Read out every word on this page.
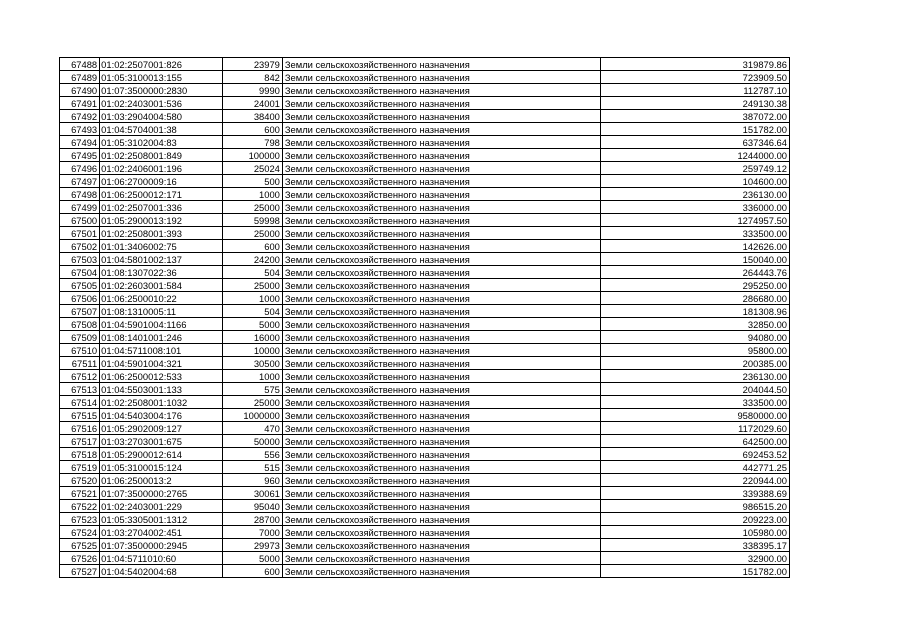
67488	01:02:2507001:826	23979	Земли сельскохозяйственного назначения	319879.86
67489	01:05:3100013:155	842	Земли сельскохозяйственного назначения	723909.50
67490	01:07:3500000:2830	9990	Земли сельскохозяйственного назначения	112787.10
67491	01:02:2403001:536	24001	Земли сельскохозяйственного назначения	249130.38
67492	01:03:2904004:580	38400	Земли сельскохозяйственного назначения	387072.00
67493	01:04:5704001:38	600	Земли сельскохозяйственного назначения	151782.00
67494	01:05:3102004:83	798	Земли сельскохозяйственного назначения	637346.64
67495	01:02:2508001:849	100000	Земли сельскохозяйственного назначения	1244000.00
67496	01:02:2406001:196	25024	Земли сельскохозяйственного назначения	259749.12
67497	01:06:2700009:16	500	Земли сельскохозяйственного назначения	104600.00
67498	01:06:2500012:171	1000	Земли сельскохозяйственного назначения	236130.00
67499	01:02:2507001:336	25000	Земли сельскохозяйственного назначения	336000.00
67500	01:05:2900013:192	59998	Земли сельскохозяйственного назначения	1274957.50
67501	01:02:2508001:393	25000	Земли сельскохозяйственного назначения	333500.00
67502	01:01:3406002:75	600	Земли сельскохозяйственного назначения	142626.00
67503	01:04:5801002:137	24200	Земли сельскохозяйственного назначения	150040.00
67504	01:08:1307022:36	504	Земли сельскохозяйственного назначения	264443.76
67505	01:02:2603001:584	25000	Земли сельскохозяйственного назначения	295250.00
67506	01:06:2500010:22	1000	Земли сельскохозяйственного назначения	286680.00
67507	01:08:1310005:11	504	Земли сельскохозяйственного назначения	181308.96
67508	01:04:5901004:1166	5000	Земли сельскохозяйственного назначения	32850.00
67509	01:08:1401001:246	16000	Земли сельскохозяйственного назначения	94080.00
67510	01:04:5711008:101	10000	Земли сельскохозяйственного назначения	95800.00
67511	01:04:5901004:321	30500	Земли сельскохозяйственного назначения	200385.00
67512	01:06:2500012:533	1000	Земли сельскохозяйственного назначения	236130.00
67513	01:04:5503001:133	575	Земли сельскохозяйственного назначения	204044.50
67514	01:02:2508001:1032	25000	Земли сельскохозяйственного назначения	333500.00
67515	01:04:5403004:176	1000000	Земли сельскохозяйственного назначения	9580000.00
67516	01:05:2902009:127	470	Земли сельскохозяйственного назначения	1172029.60
67517	01:03:2703001:675	50000	Земли сельскохозяйственного назначения	642500.00
67518	01:05:2900012:614	556	Земли сельскохозяйственного назначения	692453.52
67519	01:05:3100015:124	515	Земли сельскохозяйственного назначения	442771.25
67520	01:06:2500013:2	960	Земли сельскохозяйственного назначения	220944.00
67521	01:07:3500000:2765	30061	Земли сельскохозяйственного назначения	339388.69
67522	01:02:2403001:229	95040	Земли сельскохозяйственного назначения	986515.20
67523	01:05:3305001:1312	28700	Земли сельскохозяйственного назначения	209223.00
67524	01:03:2704002:451	7000	Земли сельскохозяйственного назначения	105980.00
67525	01:07:3500000:2945	29973	Земли сельскохозяйственного назначения	338395.17
67526	01:04:5711010:60	5000	Земли сельскохозяйственного назначения	32900.00
67527	01:04:5402004:68	600	Земли сельскохозяйственного назначения	151782.00
